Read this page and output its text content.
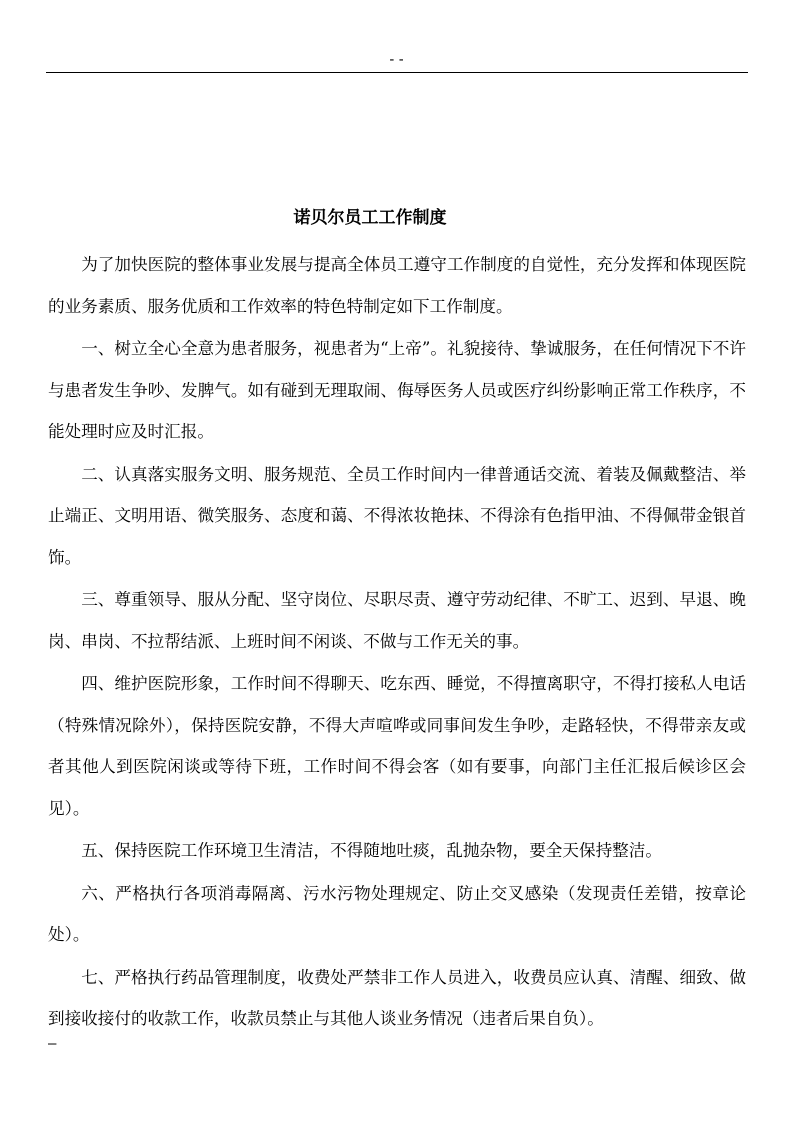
--
诺贝尔员工工作制度

为了加快医院的整体事业发展与提高全体员工遵守工作制度的自觉性，充分发挥和体现医院的业务素质、服务优质和工作效率的特色特制定如下工作制度。

一、树立全心全意为患者服务，视患者为“上帝”。礼貌接待、挚诚服务，在任何情况下不许与患者发生争吵、发脾气。如有碰到无理取闹、侮辱医务人员或医疗纠纷影响正常工作秩序，不能处理时应及时汇报。

二、认真落实服务文明、服务规范、全员工作时间内一律普通话交流、着装及佩戴整洁、举止端正、文明用语、微笑服务、态度和蔼、不得浓妆艳抹、不得涂有色指甲油、不得佩带金银首饰。

三、尊重领导、服从分配、坚守岗位、尽职尽责、遵守劳动纪律、不旷工、迟到、早退、晚岗、串岗、不拉帮结派、上班时间不闲谈、不做与工作无关的事。

四、维护医院形象，工作时间不得聊天、吃东西、睡觉，不得擅离职守，不得打接私人电话（特殊情况除外），保持医院安静，不得大声喧哗或同事间发生争吵，走路轻快，不得带亲友或者其他人到医院闲谈或等待下班，工作时间不得会客（如有要事，向部门主任汇报后候诊区会见）。

五、保持医院工作环境卫生清洁，不得随地吐痰，乱抛杂物，要全天保持整洁。

六、严格执行各项消毒隔离、污水污物处理规定、防止交叉感染（发现责任差错，按章论处）。

七、严格执行药品管理制度，收费处严禁非工作人员进入，收费员应认真、清醒、细致、做到接收接付的收款工作，收款员禁止与其他人谈业务情况（违者后果自负）。

–
